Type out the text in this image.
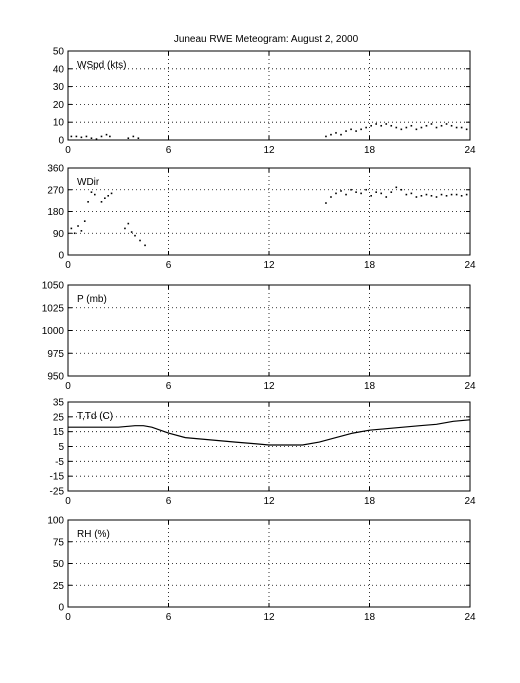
Juneau RWE Meteogram: August 2, 2000
0	6	12	18	24
0
10
20
30
40
50
WSpd (kts)
0	6	12	18	24
0
90
180
270
360
WDir
0	6	12	18	24
950
975
1000
1025
1050
P (mb)
0	6	12	18	24
-25
-15
-5
5
15
25
35
T,Td (C)
0	6	12	18	24
0
25
50
75
100
RH (%)
